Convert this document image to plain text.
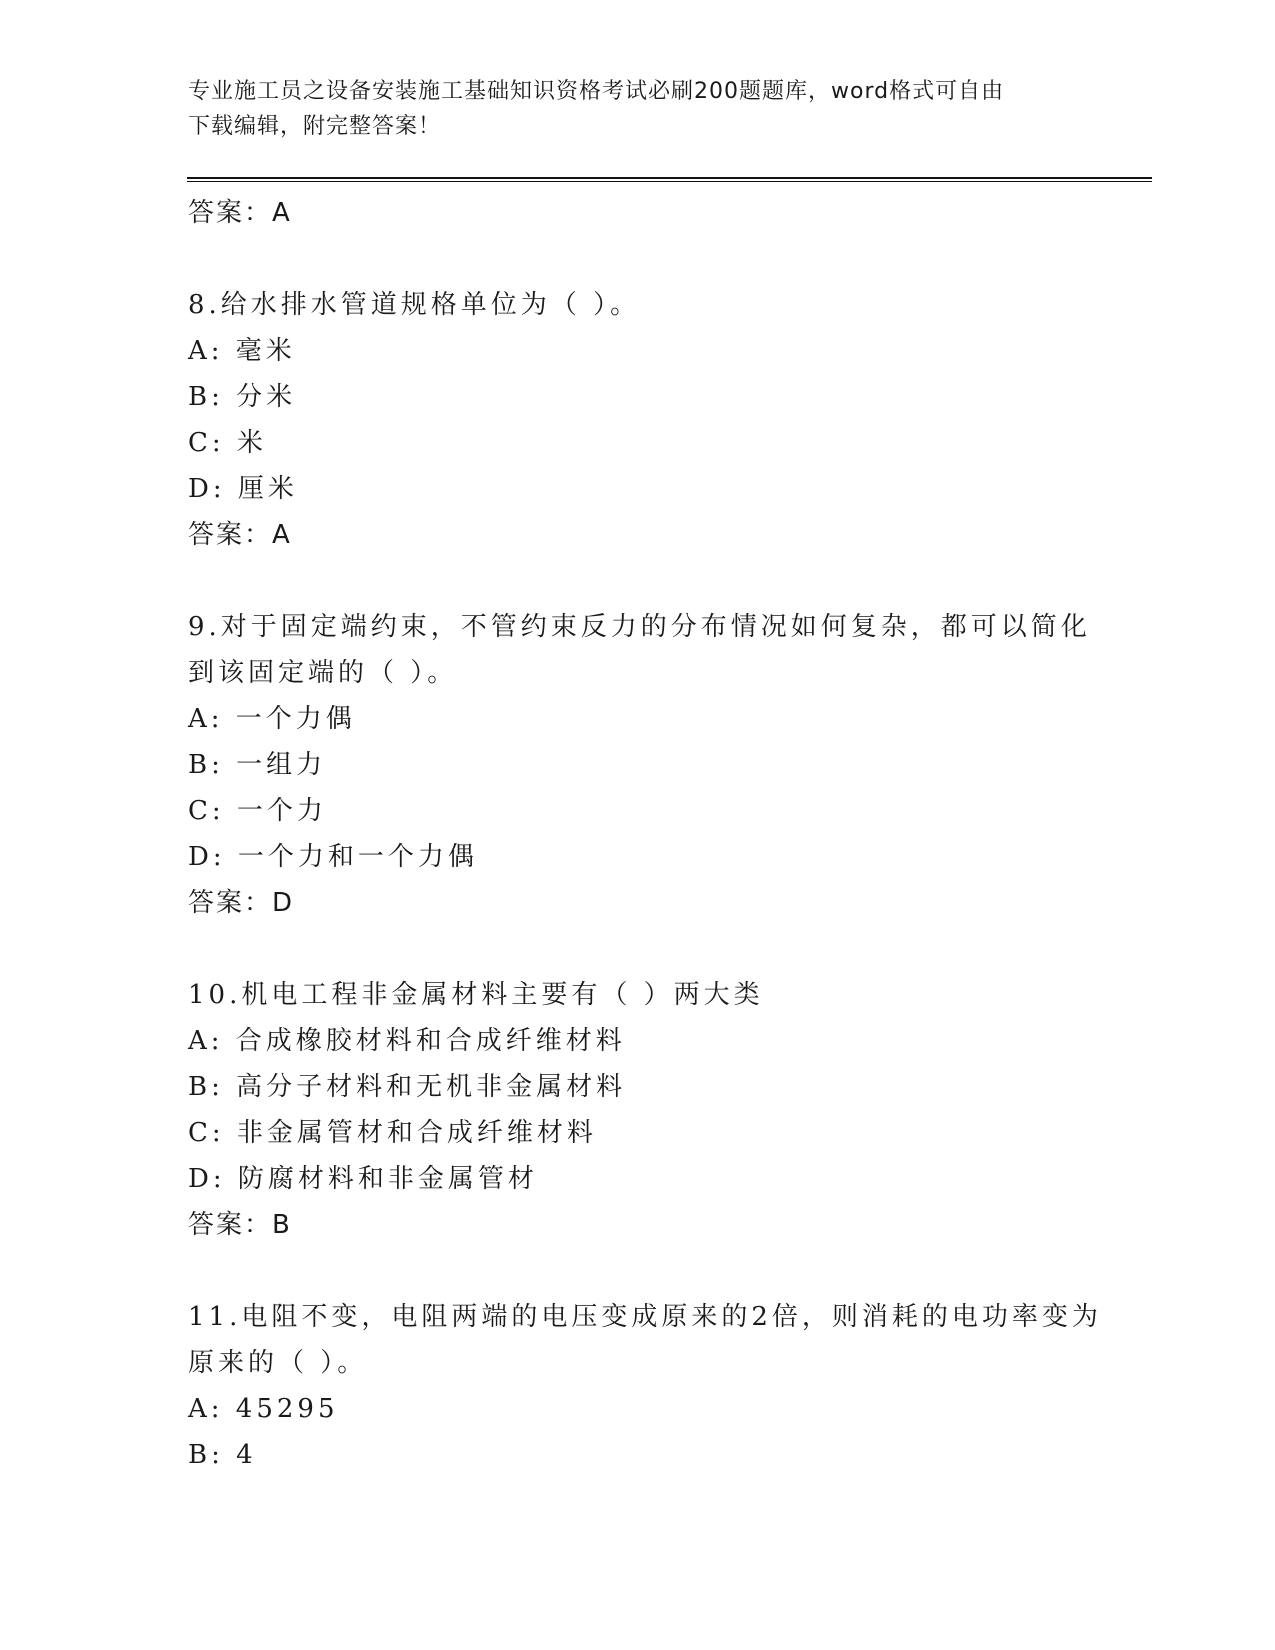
专业施工员之设备安装施工基础知识资格考试必刷200题题库，word格式可自由
下载编辑，附完整答案！
答案：A
8.给水排水管道规格单位为（ ）。
A: 毫米
B: 分米
C: 米
D: 厘米
答案：A
9.对于固定端约束，不管约束反力的分布情况如何复杂，都可以简化
到该固定端的（ ）。
A: 一个力偶
B: 一组力
C: 一个力
D: 一个力和一个力偶
答案：D
10.机电工程非金属材料主要有（ ）两大类
A: 合成橡胶材料和合成纤维材料
B: 高分子材料和无机非金属材料
C: 非金属管材和合成纤维材料
D: 防腐材料和非金属管材
答案：B
11.电阻不变，电阻两端的电压变成原来的2倍，则消耗的电功率变为
原来的（ ）。
A: 45295
B: 4
